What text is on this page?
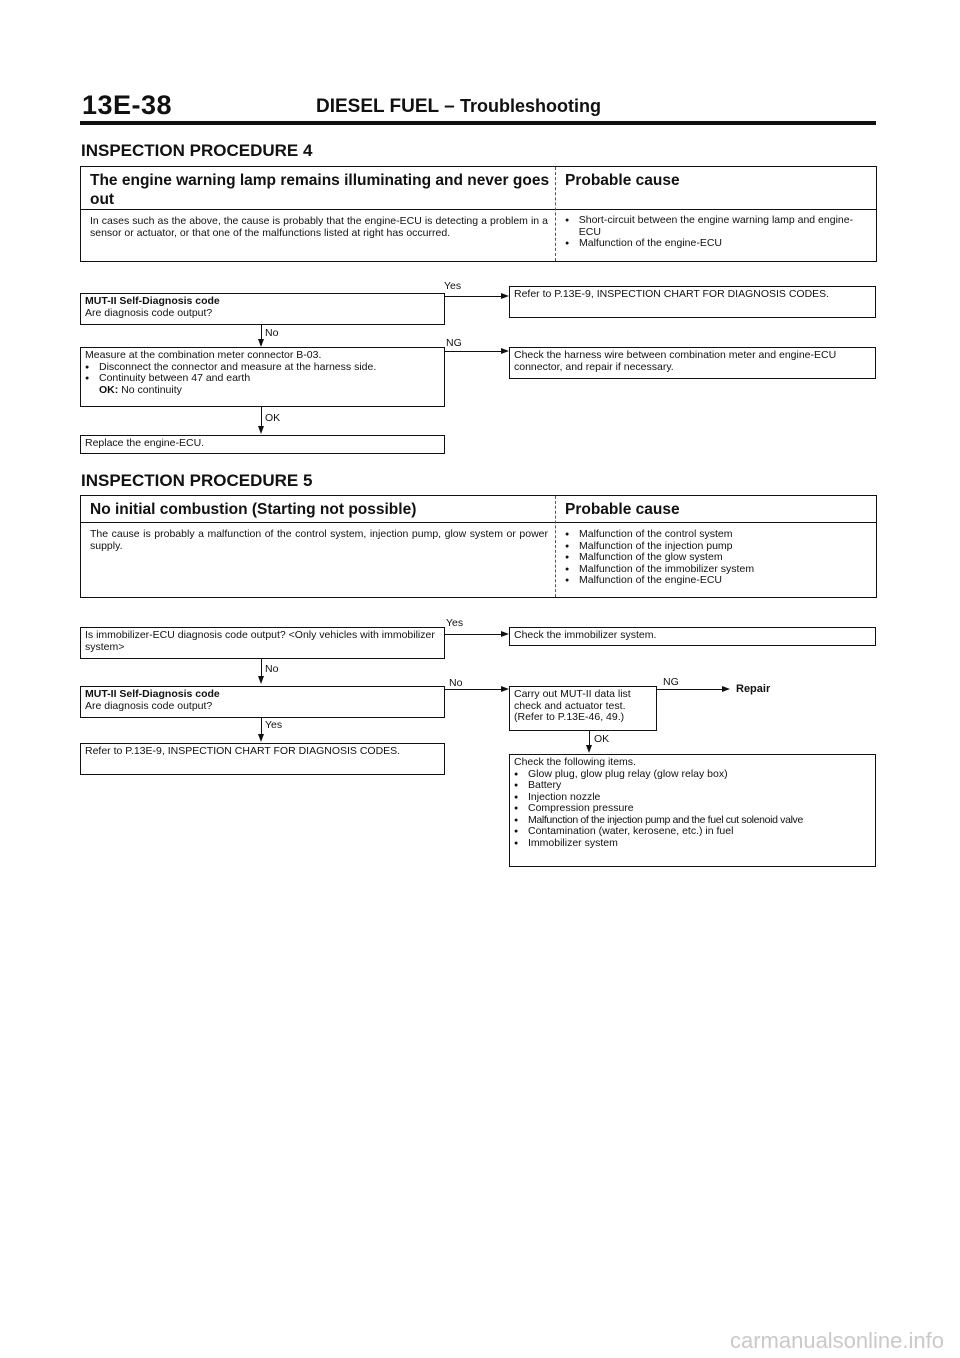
13E-38	DIESEL FUEL – Troubleshooting
INSPECTION PROCEDURE 4
The engine warning lamp remains illuminating and never goes out
Probable cause
In cases such as the above, the cause is probably that the engine-ECU is detecting a problem in a sensor or actuator, or that one of the malfunctions listed at right has occurred.
● Short-circuit between the engine warning lamp and engine-ECU
● Malfunction of the engine-ECU
MUT-II Self-Diagnosis code
Are diagnosis code output?
Yes
Refer to P.13E-9, INSPECTION CHART FOR DIAGNOSIS CODES.
No
Measure at the combination meter connector B-03.
● Disconnect the connector and measure at the harness side.
● Continuity between 47 and earth
OK: No continuity
NG
Check the harness wire between combination meter and engine-ECU connector, and repair if necessary.
OK
Replace the engine-ECU.
INSPECTION PROCEDURE 5
No initial combustion (Starting not possible)	Probable cause
The cause is probably a malfunction of the control system, injection pump, glow system or power supply.
● Malfunction of the control system
● Malfunction of the injection pump
● Malfunction of the glow system
● Malfunction of the immobilizer system
● Malfunction of the engine-ECU
Is immobilizer-ECU diagnosis code output? <Only vehicles with immobilizer system>
Yes
Check the immobilizer system.
No
MUT-II Self-Diagnosis code
Are diagnosis code output?
No
Carry out MUT-II data list check and actuator test. (Refer to P.13E-46, 49.)
NG
Repair
Yes
Refer to P.13E-9, INSPECTION CHART FOR DIAGNOSIS CODES.
OK
Check the following items.
● Glow plug, glow plug relay (glow relay box)
● Battery
● Injection nozzle
● Compression pressure
● Malfunction of the injection pump and the fuel cut solenoid valve
● Contamination (water, kerosene, etc.) in fuel
● Immobilizer system
carmanualsonline.info
